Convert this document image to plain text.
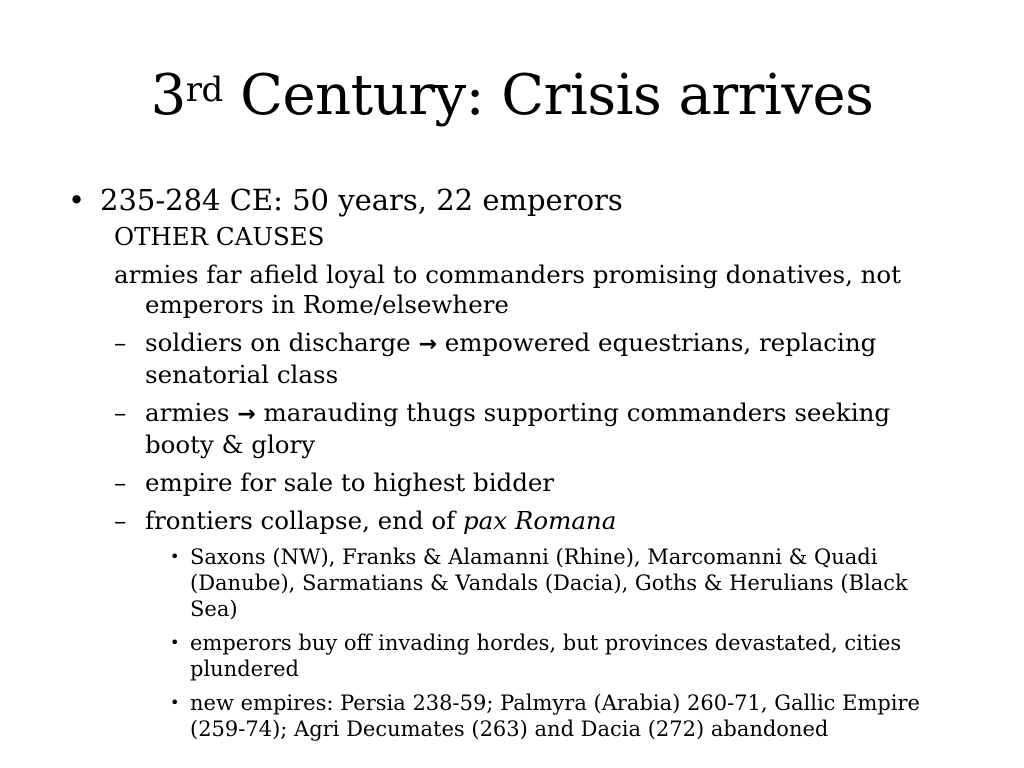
3rd Century: Crisis arrives
• 235-284 CE: 50 years, 22 emperors
OTHER CAUSES
armies far afield loyal to commanders promising donatives, not emperors in Rome/elsewhere
– soldiers on discharge → empowered equestrians, replacing senatorial class
– armies → marauding thugs supporting commanders seeking booty & glory
– empire for sale to highest bidder
– frontiers collapse, end of pax Romana
• Saxons (NW), Franks & Alamanni (Rhine), Marcomanni & Quadi (Danube), Sarmatians & Vandals (Dacia), Goths & Herulians (Black Sea)
• emperors buy off invading hordes, but provinces devastated, cities plundered
• new empires: Persia 238-59; Palmyra (Arabia) 260-71, Gallic Empire (259-74); Agri Decumates (263) and Dacia (272) abandoned
